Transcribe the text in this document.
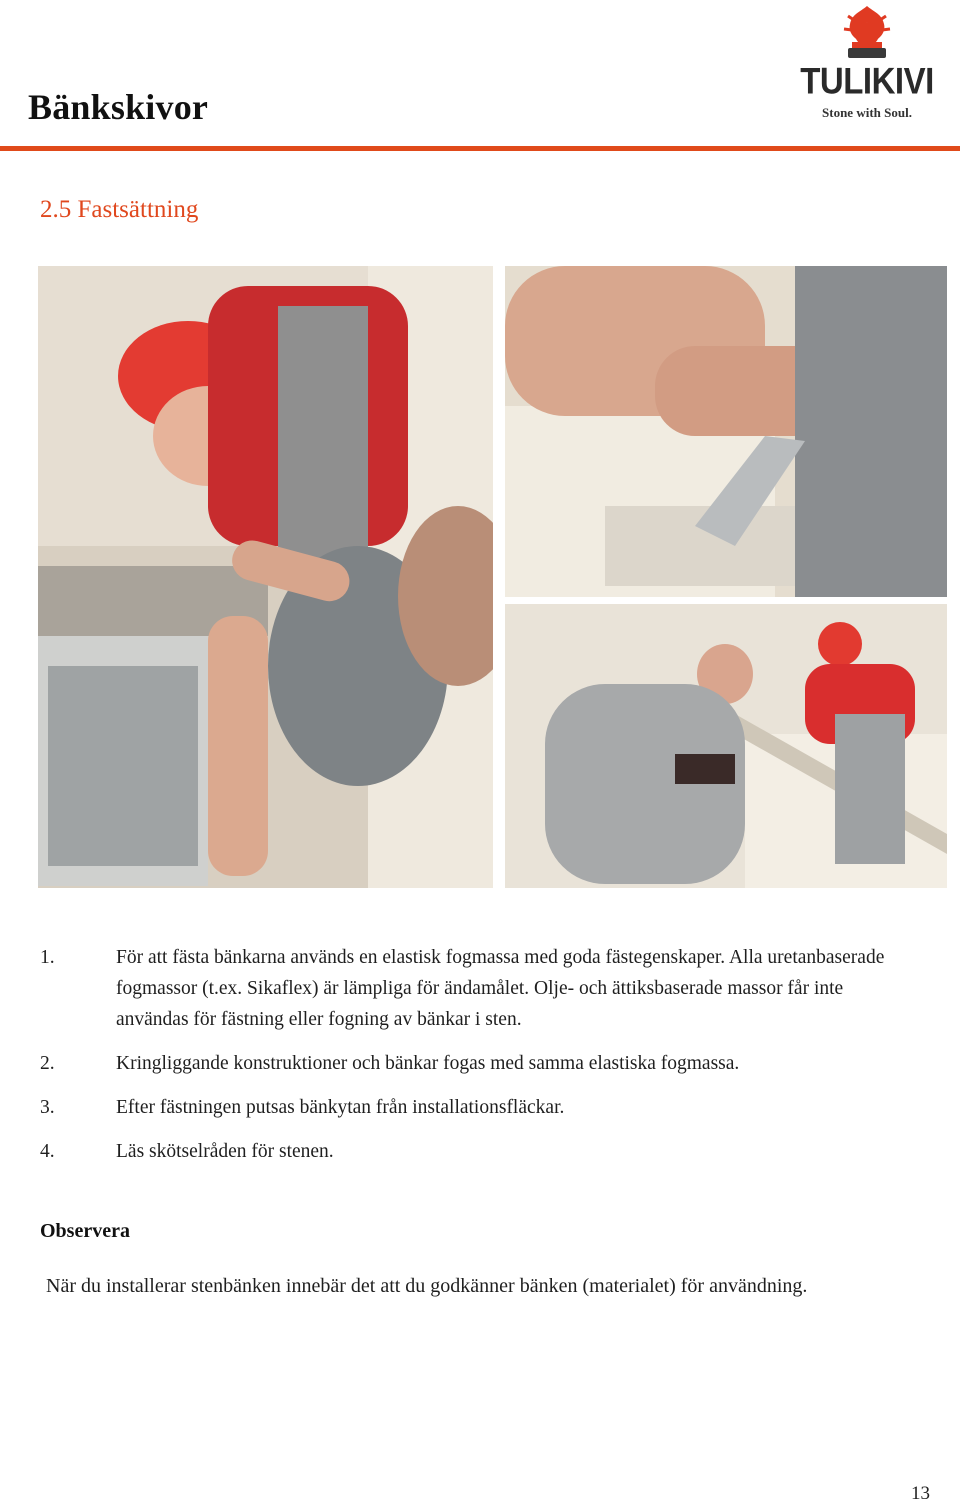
Bänkskivor
TULIKIVI
Stone with Soul.
2.5 Fastsättning
1.	För att fästa bänkarna används en elastisk fogmassa med goda fästegenskaper. Alla uretanbaserade fogmassor (t.ex. Sikaflex) är lämpliga för ändamålet. Olje- och ättiksbaserade massor får inte användas för fästning eller fogning av bänkar i sten.
2.	Kringliggande konstruktioner och bänkar fogas med samma elastiska fogmassa.
3.	Efter fästningen putsas bänkytan från installationsfläckar.
4.	Läs skötselråden för stenen.
Observera
När du installerar stenbänken innebär det att du godkänner bänken (materialet) för användning.
13
